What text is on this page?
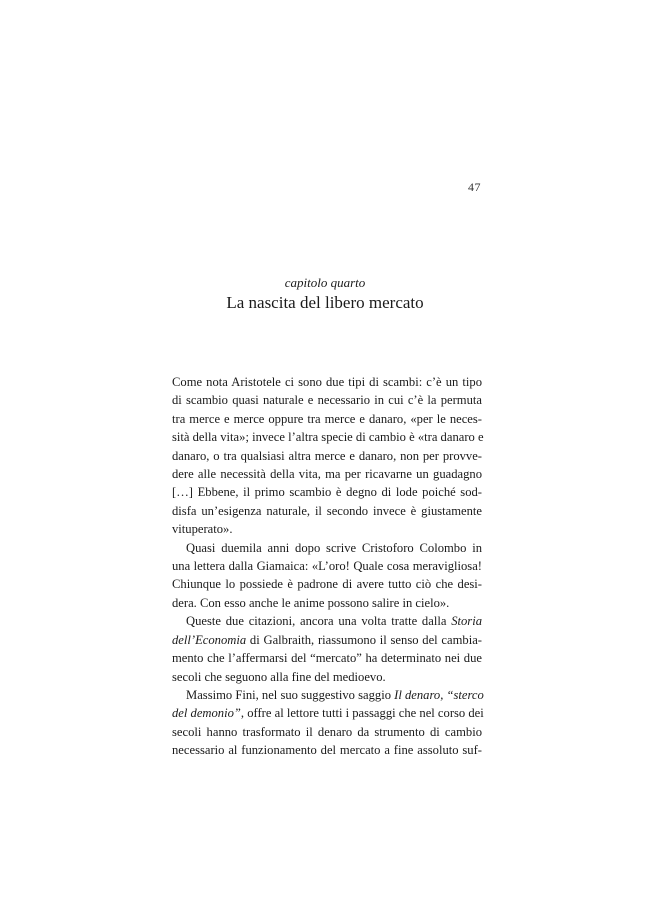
47
capitolo quarto
La nascita del libero mercato
Come nota Aristotele ci sono due tipi di scambi: c’è un tipo
di scambio quasi naturale e necessario in cui c’è la permuta
tra merce e merce oppure tra merce e danaro, «per le neces-
sità della vita»; invece l’altra specie di cambio è «tra danaro e
danaro, o tra qualsiasi altra merce e danaro, non per provve-
dere alle necessità della vita, ma per ricavarne un guadagno
[…] Ebbene, il primo scambio è degno di lode poiché sod-
disfa un’esigenza naturale, il secondo invece è giustamente
vituperato».
Quasi duemila anni dopo scrive Cristoforo Colombo in
una lettera dalla Giamaica: «L’oro! Quale cosa meravigliosa!
Chiunque lo possiede è padrone di avere tutto ciò che desi-
dera. Con esso anche le anime possono salire in cielo».
Queste due citazioni, ancora una volta tratte dalla Storia
dell’Economia di Galbraith, riassumono il senso del cambia-
mento che l’affermarsi del “mercato” ha determinato nei due
secoli che seguono alla fine del medioevo.
Massimo Fini, nel suo suggestivo saggio Il denaro, “sterco
del demonio”, offre al lettore tutti i passaggi che nel corso dei
secoli hanno trasformato il denaro da strumento di cambio
necessario al funzionamento del mercato a fine assoluto suf-
